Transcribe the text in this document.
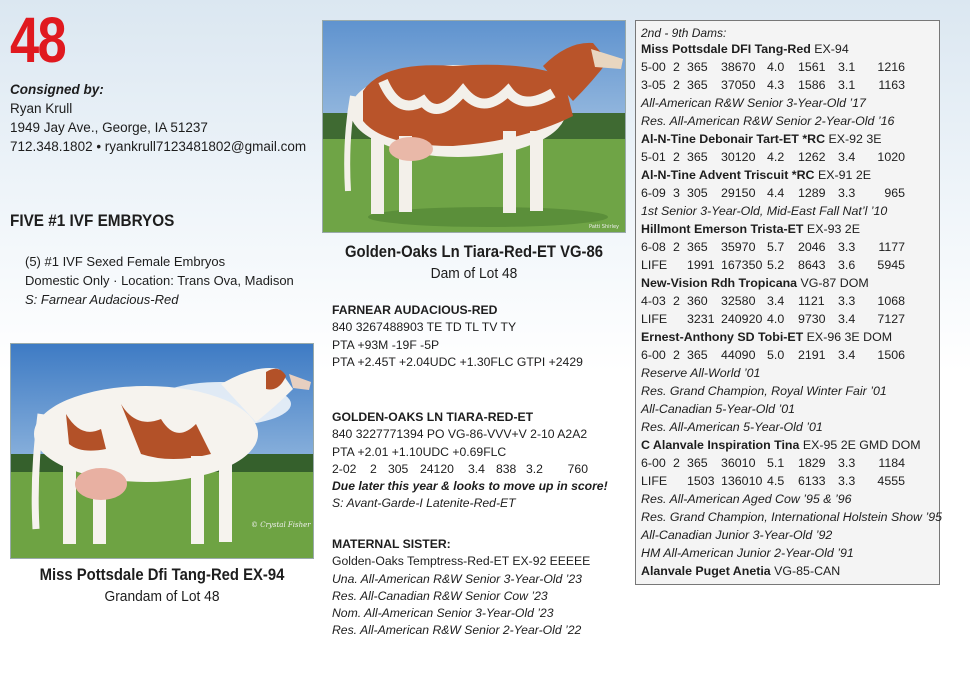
48
Consigned by:
Ryan Krull
1949 Jay Ave., George, IA 51237
712.348.1802 • ryankrull7123481802@gmail.com
FIVE #1 IVF EMBRYOS
(5) #1 IVF Sexed Female Embryos
Domestic Only · Location: Trans Ova, Madison
S: Farnear Audacious-Red
Patti Shirley
Golden-Oaks Ln Tiara-Red-ET VG-86
Dam of Lot 48
© Crystal Fisher
Miss Pottsdale Dfi Tang-Red EX-94
Grandam of Lot 48
FARNEAR AUDACIOUS-RED
840 3267488903 TE TD TL TV TY
PTA +93M -19F -5P
PTA +2.45T +2.04UDC +1.30FLC GTPI +2429
GOLDEN-OAKS LN TIARA-RED-ET
840 3227771394 PO VG-86-VVV+V 2-10 A2A2
PTA +2.01 +1.10UDC +0.69FLC
2-02	2 305 24120	3.4 838 3.2	760
Due later this year & looks to move up in score!
S: Avant-Garde-I Latenite-Red-ET
MATERNAL SISTER:
Golden-Oaks Temptress-Red-ET EX-92 EEEEE
Una. All-American R&W Senior 3-Year-Old ’23
Res. All-Canadian R&W Senior Cow ’23
Nom. All-American Senior 3-Year-Old ’23
Res. All-American R&W Senior 2-Year-Old ’22
2nd - 9th Dams:
Miss Pottsdale DFI Tang-Red EX-94
5-00 2 365	38670 4.0	1561	3.1	1216
3-05 2 365	37050 4.3	1586	3.1	1163
All-American R&W Senior 3-Year-Old ’17
Res. All-American R&W Senior 2-Year-Old ’16
Al-N-Tine Debonair Tart-ET *RC EX-92 3E
5-01 2 365	30120 4.2	1262	3.4	1020
Al-N-Tine Advent Triscuit *RC EX-91 2E
6-09 3 305	29150 4.4	1289	3.3	965
1st Senior 3-Year-Old, Mid-East Fall Nat’l ’10
Hillmont Emerson Trista-ET EX-93 2E
6-08 2 365	35970 5.7	2046	3.3	1177
LIFE	1991 167350 5.2	8643	3.6	5945
New-Vision Rdh Tropicana VG-87 DOM
4-03 2 360	32580 3.4	1121	3.3	1068
LIFE	3231 240920 4.0	9730	3.4	7127
Ernest-Anthony SD Tobi-ET EX-96 3E DOM
6-00 2 365	44090 5.0	2191	3.4	1506
Reserve All-World ’01
Res. Grand Champion, Royal Winter Fair ’01
All-Canadian 5-Year-Old ’01
Res. All-American 5-Year-Old ’01
C Alanvale Inspiration Tina EX-95 2E GMD DOM
6-00 2 365	36010 5.1	1829	3.3	1184
LIFE	1503 136010 4.5	6133	3.3	4555
Res. All-American Aged Cow ’95 & ’96
Res. Grand Champion, International Holstein Show ’95
All-Canadian Junior 3-Year-Old ’92
HM All-American Junior 2-Year-Old ’91
Alanvale Puget Anetia VG-85-CAN
